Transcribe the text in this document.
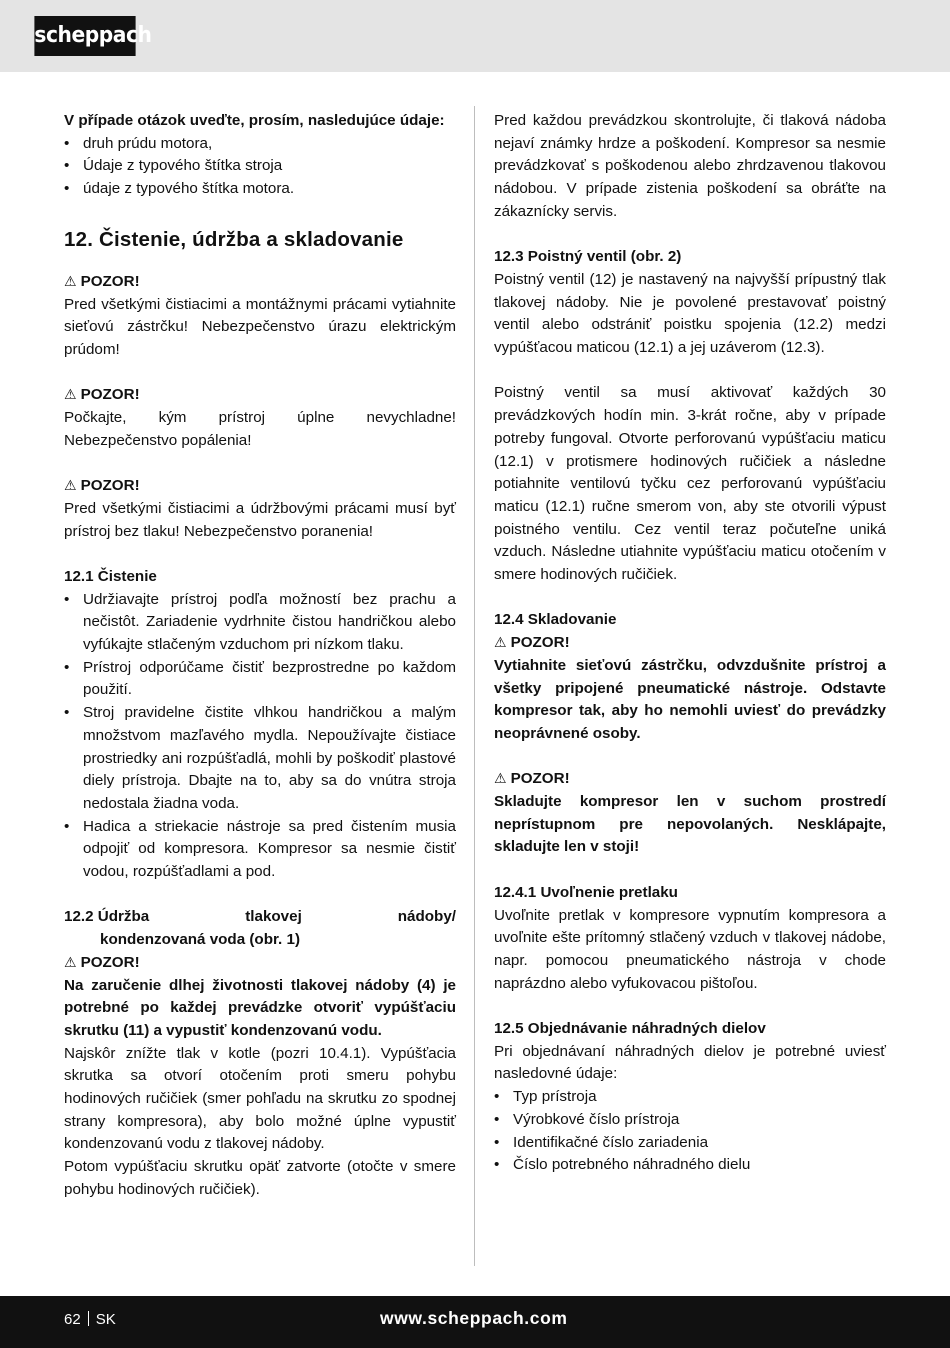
scheppach
V případe otázok uveďte, prosím, nasledujúce údaje:
• druh prúdu motora,
• Údaje z typového štítka stroja
• údaje z typového štítka motora.
12. Čistenie, údržba a skladovanie
⚠ POZOR!
Pred všetkými čistiacimi a montážnymi prácami vytiahnite sieťovú zástrčku! Nebezpečenstvo úrazu elektrickým prúdom!
⚠ POZOR!
Počkajte, kým prístroj úplne nevychladne! Nebezpečenstvo popálenia!
⚠ POZOR!
Pred všetkými čistiacimi a údržbovými prácami musí byť prístroj bez tlaku! Nebezpečenstvo poranenia!
12.1 Čistenie
• Udržiavajte prístroj podľa možností bez prachu a nečistôt. Zariadenie vydrhnite čistou handričkou alebo vyfúkajte stlačeným vzduchom pri nízkom tlaku.
• Prístroj odporúčame čistiť bezprostredne po každom použití.
• Stroj pravidelne čistite vlhkou handričkou a malým množstvom mazľavého mydla. Nepoužívajte čistiace prostriedky ani rozpúšťadlá, mohli by poškodiť plastové diely prístroja. Dbajte na to, aby sa do vnútra stroja nedostala žiadna voda.
• Hadica a striekacie nástroje sa pred čistením musia odpojiť od kompresora. Kompresor sa nesmie čistiť vodou, rozpúšťadlami a pod.
12.2 Údržba	tlakovej	nádoby/
kondenzovaná voda (obr. 1)
⚠ POZOR!
Na zaručenie dlhej životnosti tlakovej nádoby (4) je potrebné po každej prevádzke otvoriť vypúšťaciu skrutku (11) a vypustiť kondenzovanú vodu.
Najskôr znížte tlak v kotle (pozri 10.4.1). Vypúšťacia skrutka sa otvorí otočením proti smeru pohybu hodinových ručičiek (smer pohľadu na skrutku zo spodnej strany kompresora), aby bolo možné úplne vypustiť kondenzovanú vodu z tlakovej nádoby.
Potom vypúšťaciu skrutku opäť zatvorte (otočte v smere pohybu hodinových ručičiek).
Pred každou prevádzkou skontrolujte, či tlaková nádoba nejaví známky hrdze a poškodení. Kompresor sa nesmie prevádzkovať s poškodenou alebo zhrdzavenou tlakovou nádobou. V prípade zistenia poškodení sa obráťte na zákaznícky servis.
12.3 Poistný ventil (obr. 2)
Poistný ventil (12) je nastavený na najvyšší prípustný tlak tlakovej nádoby. Nie je povolené prestavovať poistný ventil alebo odstrániť poistku spojenia (12.2) medzi vypúšťacou maticou (12.1) a jej uzáverom (12.3).
Poistný ventil sa musí aktivovať každých 30 prevádzkových hodín min. 3-krát ročne, aby v prípade potreby fungoval. Otvorte perforovanú vypúšťaciu maticu (12.1) v protismere hodinových ručičiek a následne potiahnite ventilovú tyčku cez perforovanú vypúšťaciu maticu (12.1) ručne smerom von, aby ste otvorili výpust poistného ventilu. Cez ventil teraz počuteľne uniká vzduch. Následne utiahnite vypúšťaciu maticu otočením v smere hodinových ručičiek.
12.4 Skladovanie
⚠ POZOR!
Vytiahnite sieťovú zástrčku, odvzdušnite prístroj a všetky pripojené pneumatické nástroje. Odstavte kompresor tak, aby ho nemohli uviesť do prevádzky neoprávnené osoby.
⚠ POZOR!
Skladujte kompresor len v suchom prostredí neprístupnom pre nepovolaných. Nesklápajte, skladujte len v stoji!
12.4.1 Uvoľnenie pretlaku
Uvoľnite pretlak v kompresore vypnutím kompresora a uvoľnite ešte prítomný stlačený vzduch v tlakovej nádobe, napr. pomocou pneumatického nástroja v chode naprázdno alebo vyfukovacou pištoľou.
12.5 Objednávanie náhradných dielov
Pri objednávaní náhradných dielov je potrebné uviesť nasledovné údaje:
• Typ prístroja
• Výrobkové číslo prístroja
• Identifikačné číslo zariadenia
• Číslo potrebného náhradného dielu
62 SK	www.scheppach.com
